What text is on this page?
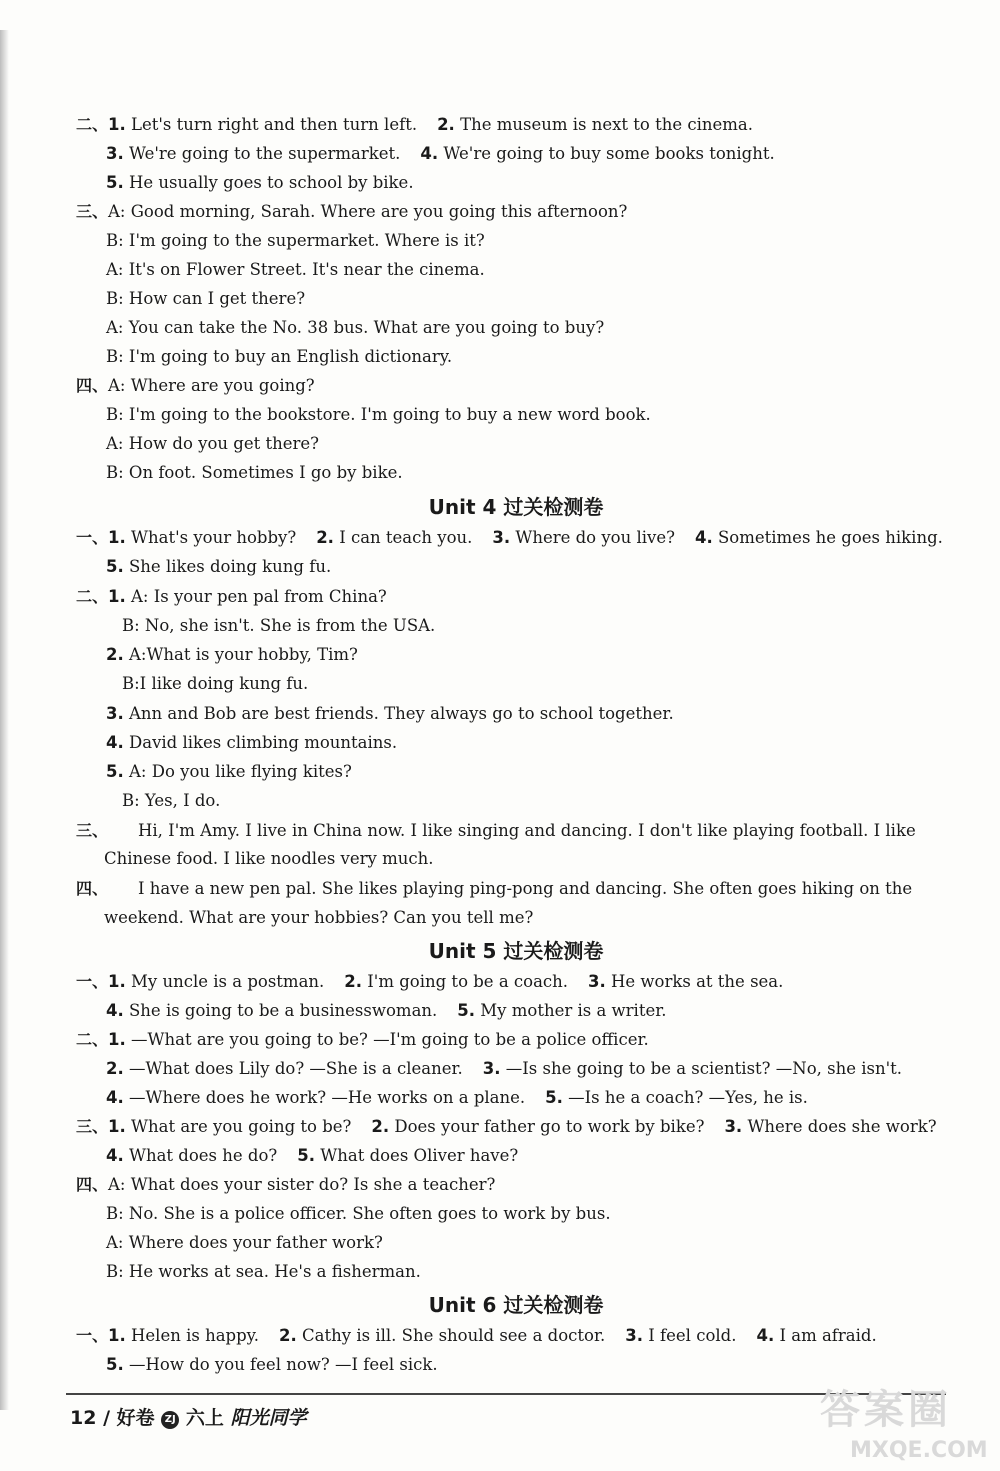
二、1. Let's turn right and then turn left. 2. The museum is next to the cinema.
3. We're going to the supermarket. 4. We're going to buy some books tonight.
5. He usually goes to school by bike.
三、A: Good morning, Sarah. Where are you going this afternoon?
B: I'm going to the supermarket. Where is it?
A: It's on Flower Street. It's near the cinema.
B: How can I get there?
A: You can take the No. 38 bus. What are you going to buy?
B: I'm going to buy an English dictionary.
四、A: Where are you going?
B: I'm going to the bookstore. I'm going to buy a new word book.
A: How do you get there?
B: On foot. Sometimes I go by bike.
Unit 4 过关检测卷
一、1. What's your hobby? 2. I can teach you. 3. Where do you live? 4. Sometimes he goes hiking.
5. She likes doing kung fu.
二、1. A: Is your pen pal from China?
B: No, she isn't. She is from the USA.
2. A:What is your hobby, Tim?
B:I like doing kung fu.
3. Ann and Bob are best friends. They always go to school together.
4. David likes climbing mountains.
5. A: Do you like flying kites?
B: Yes, I do.
三、 Hi, I'm Amy. I live in China now. I like singing and dancing. I don't like playing football. I like
Chinese food. I like noodles very much.
四、 I have a new pen pal. She likes playing ping-pong and dancing. She often goes hiking on the
weekend. What are your hobbies? Can you tell me?
Unit 5 过关检测卷
一、1. My uncle is a postman. 2. I'm going to be a coach. 3. He works at the sea.
4. She is going to be a businesswoman. 5. My mother is a writer.
二、1. —What are you going to be? —I'm going to be a police officer.
2. —What does Lily do? —She is a cleaner. 3. —Is she going to be a scientist? —No, she isn't.
4. —Where does he work? —He works on a plane. 5. —Is he a coach? —Yes, he is.
三、1. What are you going to be? 2. Does your father go to work by bike? 3. Where does she work?
4. What does he do? 5. What does Oliver have?
四、A: What does your sister do? Is she a teacher?
B: No. She is a police officer. She often goes to work by bus.
A: Where does your father work?
B: He works at sea. He's a fisherman.
Unit 6 过关检测卷
一、1. Helen is happy. 2. Cathy is ill. She should see a doctor. 3. I feel cold. 4. I am afraid.
5. —How do you feel now? —I feel sick.
12 / 好卷 ZJ 六上 阳光同学	答案圈
MXQE.COM
